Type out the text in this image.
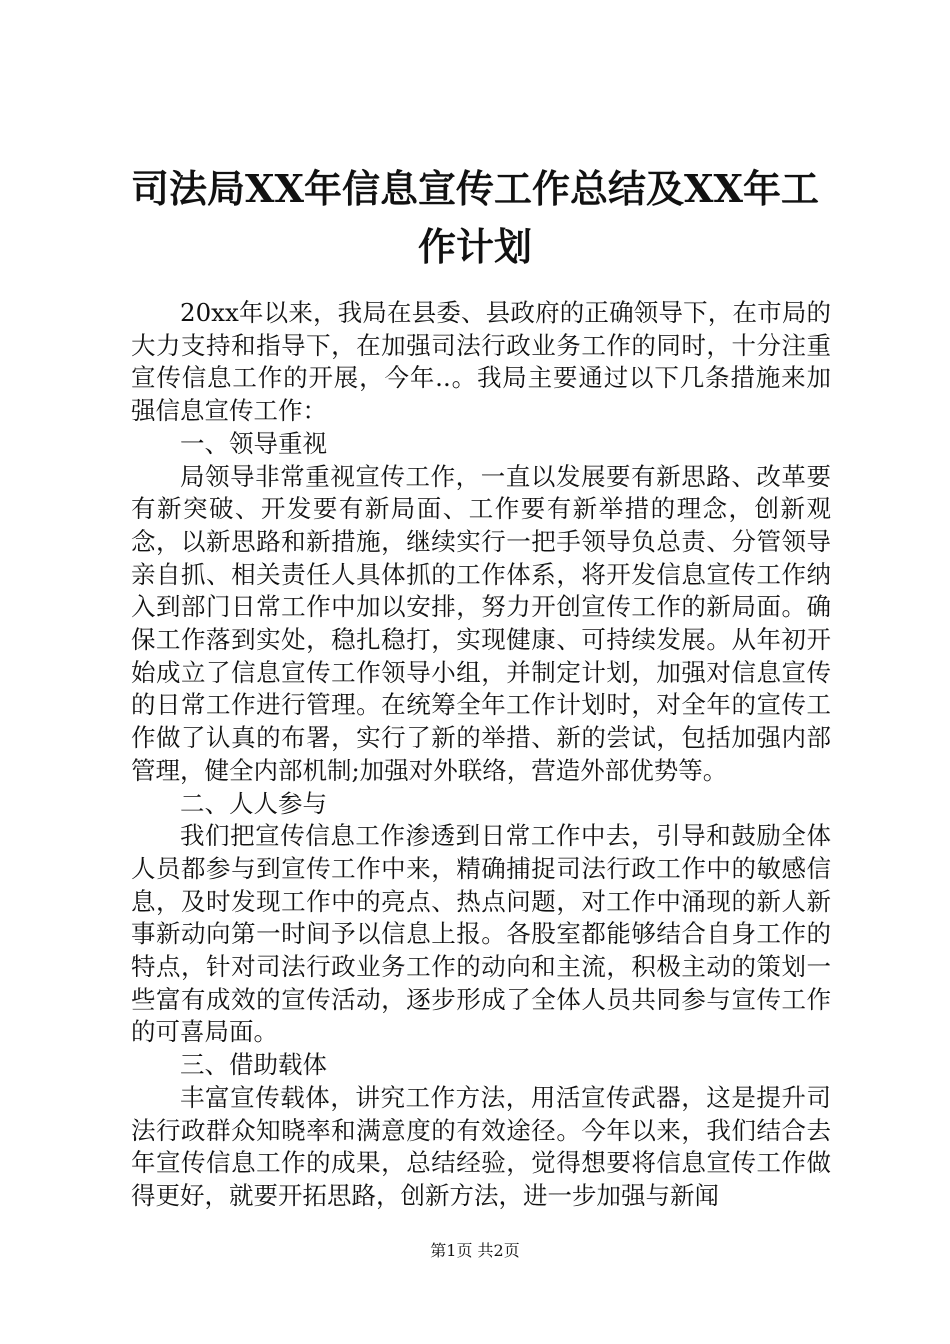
司法局XX年信息宣传工作总结及XX年工作计划

20xx年以来，我局在县委、县政府的正确领导下，在市局的大力支持和指导下，在加强司法行政业务工作的同时，十分注重宣传信息工作的开展，今年..。我局主要通过以下几条措施来加强信息宣传工作：

一、领导重视

局领导非常重视宣传工作，一直以发展要有新思路、改革要有新突破、开发要有新局面、工作要有新举措的理念，创新观念，以新思路和新措施，继续实行一把手领导负总责、分管领导亲自抓、相关责任人具体抓的工作体系，将开发信息宣传工作纳入到部门日常工作中加以安排，努力开创宣传工作的新局面。确保工作落到实处，稳扎稳打，实现健康、可持续发展。从年初开始成立了信息宣传工作领导小组，并制定计划，加强对信息宣传的日常工作进行管理。在统筹全年工作计划时，对全年的宣传工作做了认真的布署，实行了新的举措、新的尝试，包括加强内部管理，健全内部机制;加强对外联络，营造外部优势等。

二、人人参与

我们把宣传信息工作渗透到日常工作中去，引导和鼓励全体人员都参与到宣传工作中来，精确捕捉司法行政工作中的敏感信息，及时发现工作中的亮点、热点问题，对工作中涌现的新人新事新动向第一时间予以信息上报。各股室都能够结合自身工作的特点，针对司法行政业务工作的动向和主流，积极主动的策划一些富有成效的宣传活动，逐步形成了全体人员共同参与宣传工作的可喜局面。

三、借助载体

丰富宣传载体，讲究工作方法，用活宣传武器，这是提升司法行政群众知晓率和满意度的有效途径。今年以来，我们结合去年宣传信息工作的成果，总结经验，觉得想要将信息宣传工作做得更好，就要开拓思路，创新方法，进一步加强与新闻

第1页 共2页
